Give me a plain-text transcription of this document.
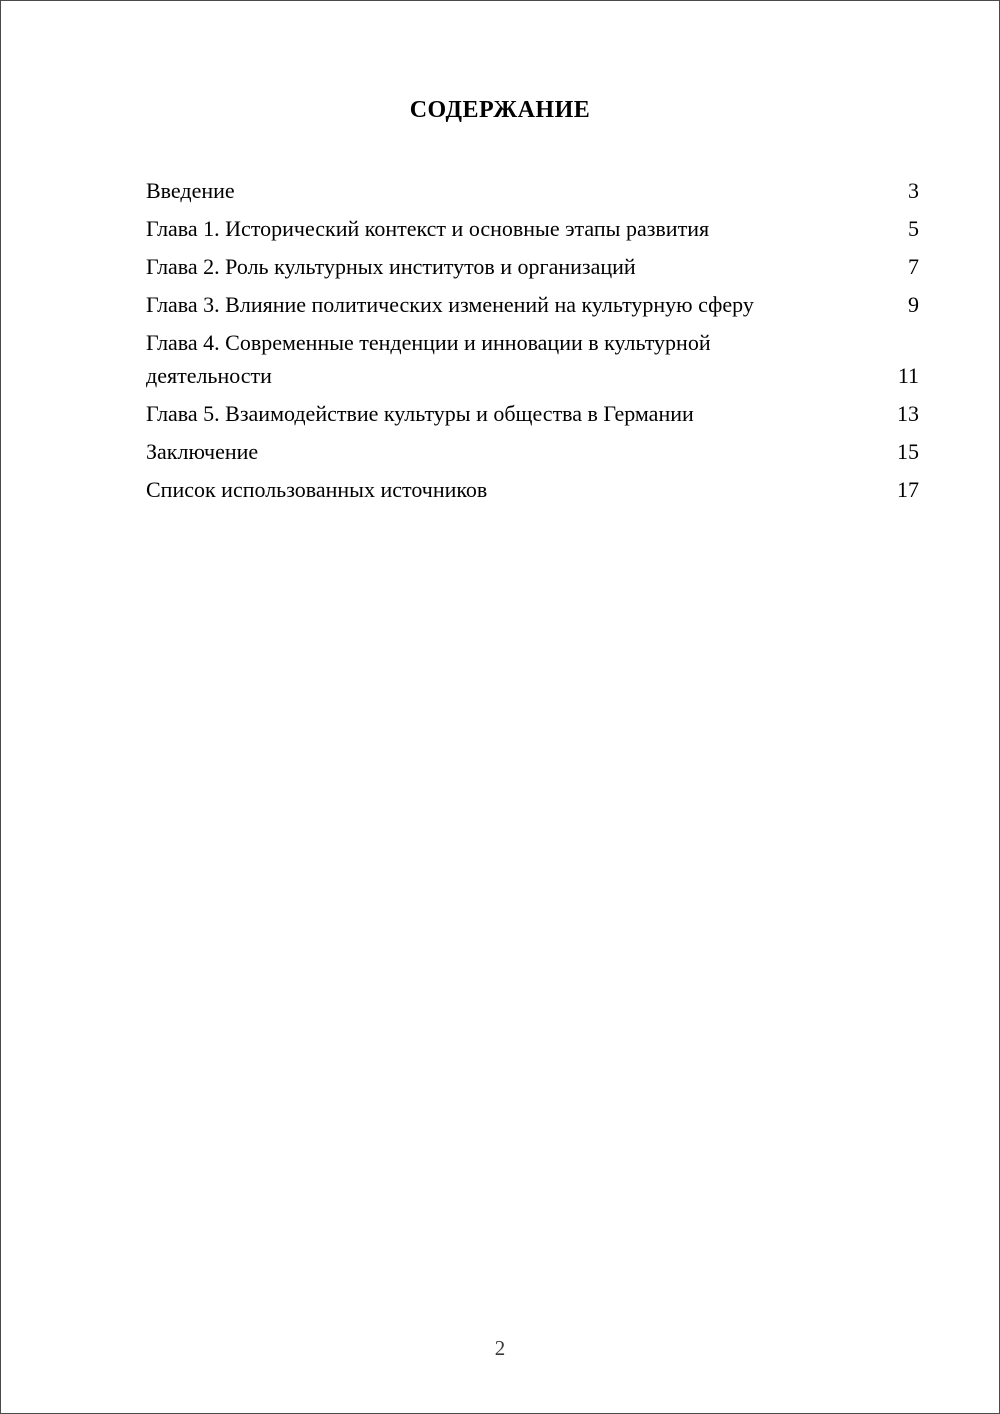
СОДЕРЖАНИЕ
Введение	3
Глава 1. Исторический контекст и основные этапы развития	5
Глава 2. Роль культурных институтов и организаций	7
Глава 3. Влияние политических изменений на культурную сферу	9
Глава 4. Современные тенденции и инновации в культурной деятельности	11
Глава 5. Взаимодействие культуры и общества в Германии	13
Заключение	15
Список использованных источников	17
2
